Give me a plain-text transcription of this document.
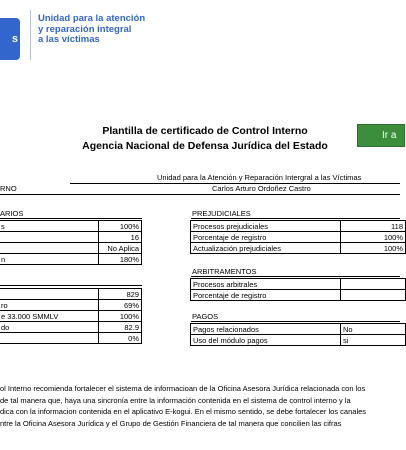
s
Unidad para la atención
y reparación integral
a las víctimas
Plantilla de certificado de Control Interno
Agencia Nacional de Defensa Jurídica del Estado
Ir a
Unidad para la Atención y Reparación Intergral a las Víctimas
RNO	Carlos Arturo Ordoñez Castro
ARIOS
s	100%
	16
	No Aplica
n	180%
	829
ro	69%
e 33.000 SMMLV	100%
do	82.9
	0%
PREJUDICIALES
Procesos prejudiciales	118
Porcentaje de registro	100%
Actualización prejudiciales	100%
ARBITRAMENTOS
Procesos arbitrales	
Porcentaje de registro	
PAGOS
Pagos relacionados	No
Uso del módulo pagos	si
ol Interno recomienda fortalecer el sistema de informacioan de la Oficina Asesora Jurídica relacionada con los
de tal manera que, haya una sincronía entre la información contenida en el sistema de control interno y la
dica con la informacion contenida en el aplicativo E-kogui. En el mismo sentido, se debe fortalecer los canales
ntre la Oficina Asesora Jurídica y el Grupo de Gestión Financiera de tal manera que concilien las cifras
